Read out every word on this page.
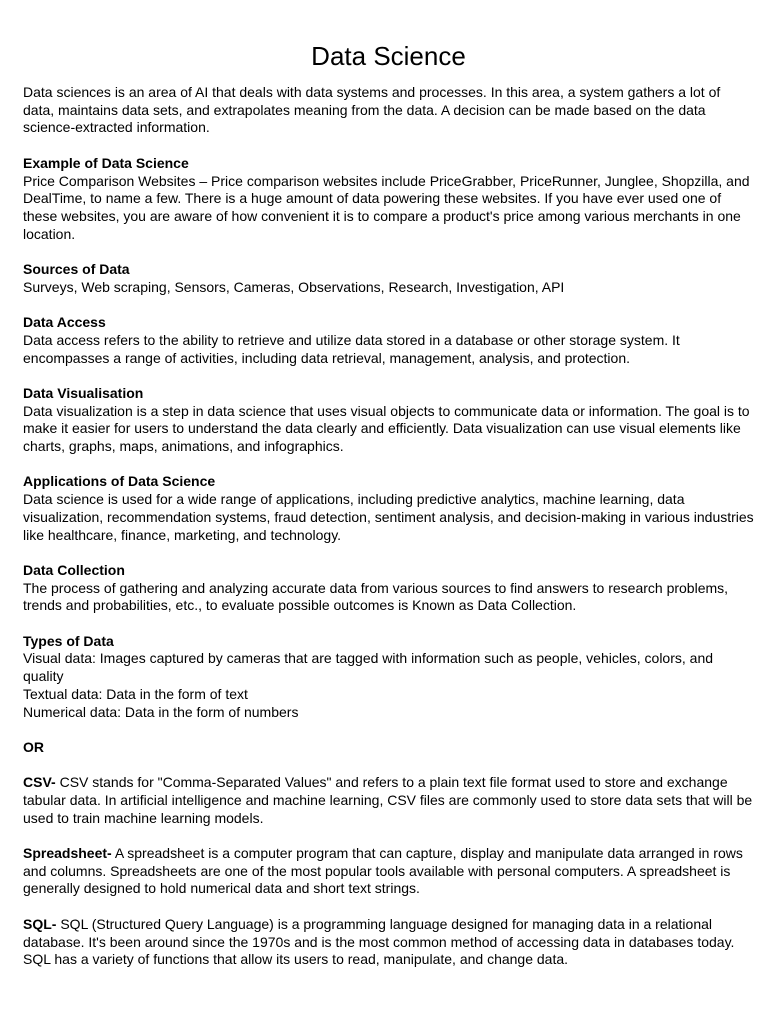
Data Science

Data sciences is an area of AI that deals with data systems and processes. In this area, a system gathers a lot of data, maintains data sets, and extrapolates meaning from the data. A decision can be made based on the data science-extracted information.

Example of Data Science
Price Comparison Websites – Price comparison websites include PriceGrabber, PriceRunner, Junglee, Shopzilla, and DealTime, to name a few. There is a huge amount of data powering these websites. If you have ever used one of these websites, you are aware of how convenient it is to compare a product's price among various merchants in one location.
Sources of Data
Surveys, Web scraping, Sensors, Cameras, Observations, Research, Investigation, API
Data Access
Data access refers to the ability to retrieve and utilize data stored in a database or other storage system. It encompasses a range of activities, including data retrieval, management, analysis, and protection.
Data Visualisation
Data visualization is a step in data science that uses visual objects to communicate data or information. The goal is to make it easier for users to understand the data clearly and efficiently. Data visualization can use visual elements like charts, graphs, maps, animations, and infographics.
Applications of Data Science
Data science is used for a wide range of applications, including predictive analytics, machine learning, data visualization, recommendation systems, fraud detection, sentiment analysis, and decision-making in various industries like healthcare, finance, marketing, and technology.
Data Collection
The process of gathering and analyzing accurate data from various sources to find answers to research problems, trends and probabilities, etc., to evaluate possible outcomes is Known as Data Collection.
Types of Data
Visual data: Images captured by cameras that are tagged with information such as people, vehicles, colors, and quality
Textual data: Data in the form of text
Numerical data: Data in the form of numbers
OR

CSV- CSV stands for "Comma-Separated Values" and refers to a plain text file format used to store and exchange tabular data. In artificial intelligence and machine learning, CSV files are commonly used to store data sets that will be used to train machine learning models.

Spreadsheet- A spreadsheet is a computer program that can capture, display and manipulate data arranged in rows and columns. Spreadsheets are one of the most popular tools available with personal computers. A spreadsheet is generally designed to hold numerical data and short text strings.

SQL- SQL (Structured Query Language) is a programming language designed for managing data in a relational database. It's been around since the 1970s and is the most common method of accessing data in databases today. SQL has a variety of functions that allow its users to read, manipulate, and change data.
